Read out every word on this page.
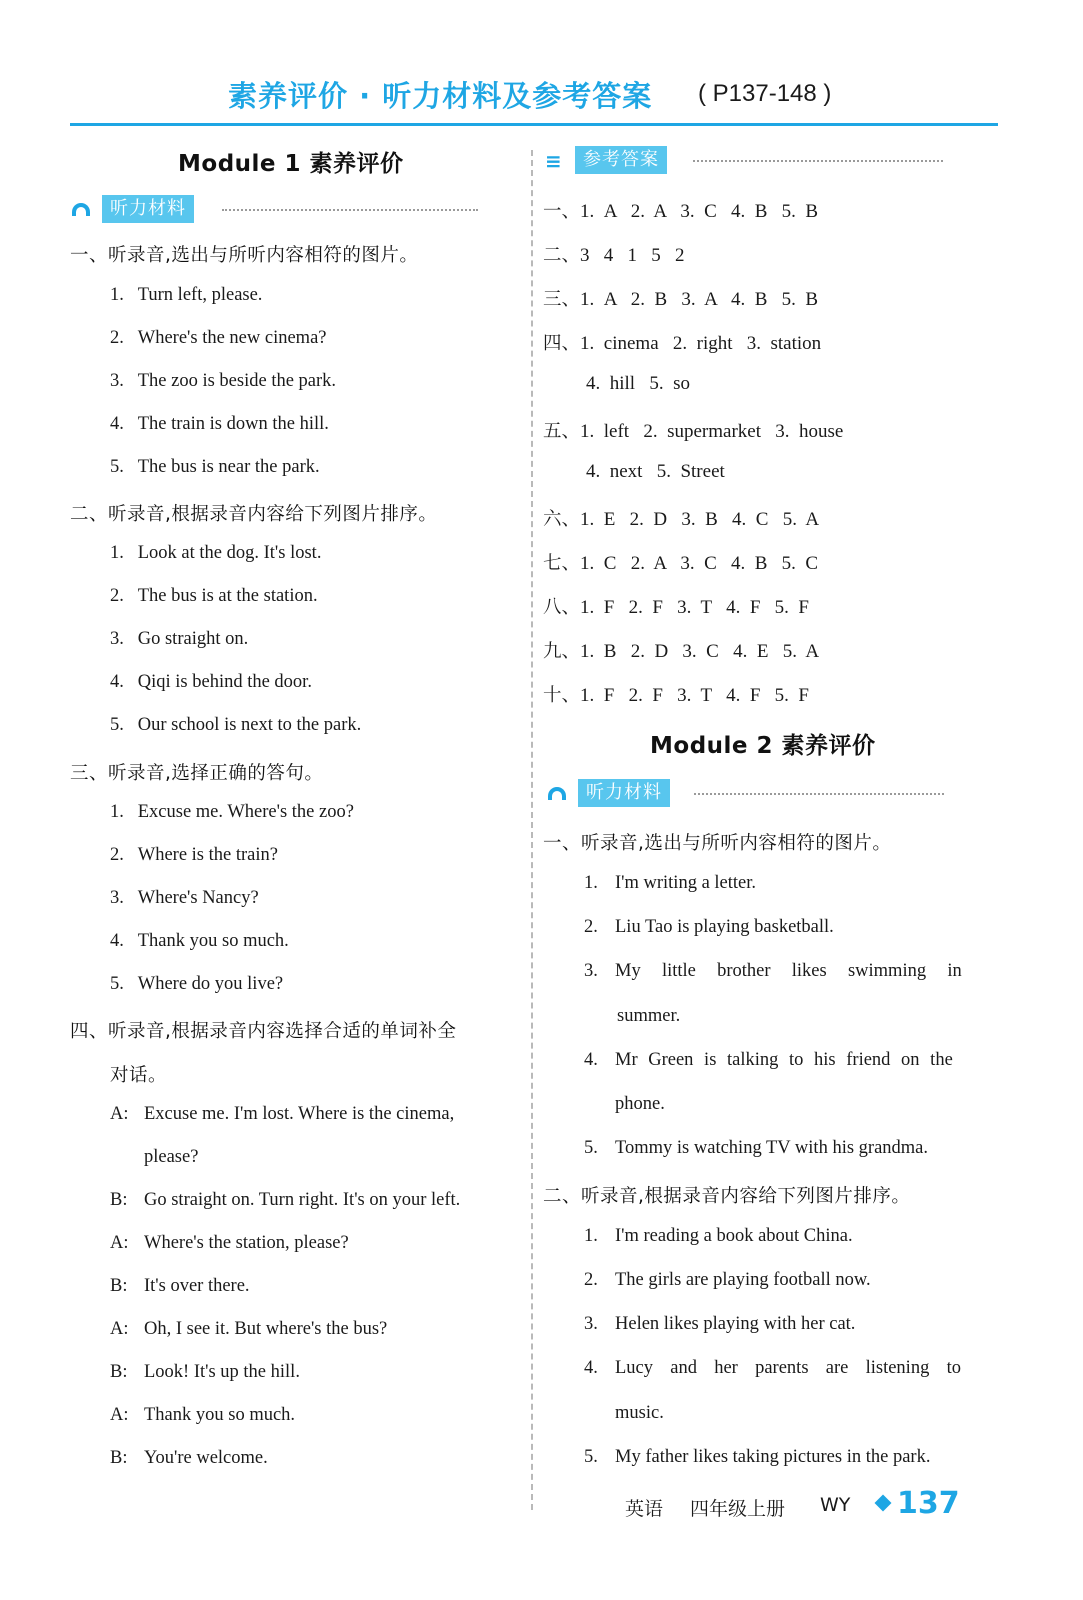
素养评价 · 听力材料及参考答案 ( P137-148 )
Module 1 素养评价
听力材料
一、听录音,选出与所听内容相符的图片。
1. Turn left, please.
2. Where's the new cinema?
3. The zoo is beside the park.
4. The train is down the hill.
5. The bus is near the park.
二、听录音,根据录音内容给下列图片排序。
1. Look at the dog. It's lost.
2. The bus is at the station.
3. Go straight on.
4. Qiqi is behind the door.
5. Our school is next to the park.
三、听录音,选择正确的答句。
1. Excuse me. Where's the zoo?
2. Where is the train?
3. Where's Nancy?
4. Thank you so much.
5. Where do you live?
四、听录音,根据录音内容选择合适的单词补全
对话。
A: Excuse me. I'm lost. Where is the cinema,
please?
B: Go straight on. Turn right. It's on your left.
A: Where's the station, please?
B: It's over there.
A: Oh, I see it. But where's the bus?
B: Look! It's up the hill.
A: Thank you so much.
B: You're welcome.
≡	参考答案
一、1.  A   2.  A   3.  C   4.  B   5.  B
二、3   4   1   5   2
三、1.  A   2.  B   3.  A   4.  B   5.  B
四、1.  cinema   2.  right   3.  station
4.  hill   5.  so
五、1.  left   2.  supermarket   3.  house
4.  next   5.  Street
六、1.  E   2.  D   3.  B   4.  C   5.  A
七、1.  C   2.  A   3.  C   4.  B   5.  C
八、1.  F   2.  F   3.  T   4.  F   5.  F
九、1.  B   2.  D   3.  C   4.  E   5.  A
十、1.  F   2.  F   3.  T   4.  F   5.  F
Module 2 素养评价
听力材料
一、听录音,选出与所听内容相符的图片。
1. I'm writing a letter.
2. Liu Tao is playing basketball.
3. My  little  brother  likes  swimming  in
summer.
4. Mr Green is talking to his friend on the
phone.
5. Tommy is watching TV with his grandma.
二、听录音,根据录音内容给下列图片排序。
1. I'm reading a book about China.
2. The girls are playing football now.
3. Helen likes playing with her cat.
4. Lucy  and  her  parents  are  listening  to
music.
5. My father likes taking pictures in the park.
英语 四年级上册 WY 137
